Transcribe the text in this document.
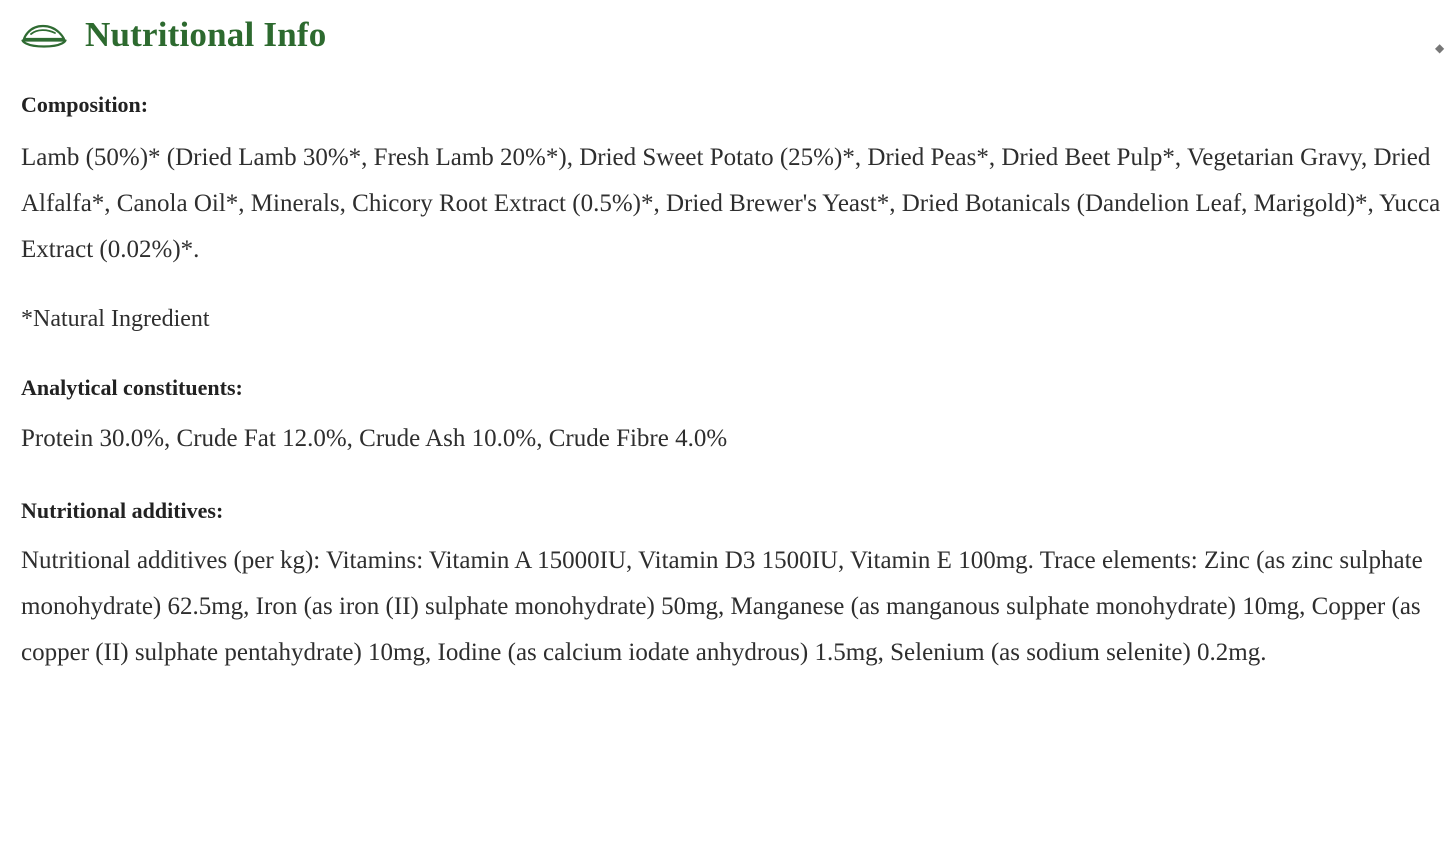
Nutritional Info	◆
Composition:

Lamb (50%)* (Dried Lamb 30%*, Fresh Lamb 20%*), Dried Sweet Potato (25%)*, Dried Peas*, Dried Beet Pulp*, Vegetarian Gravy, Dried Alfalfa*, Canola Oil*, Minerals, Chicory Root Extract (0.5%)*, Dried Brewer's Yeast*, Dried Botanicals (Dandelion Leaf, Marigold)*, Yucca Extract (0.02%)*.

*Natural Ingredient

Analytical constituents:

Protein 30.0%, Crude Fat 12.0%, Crude Ash 10.0%, Crude Fibre 4.0%

Nutritional additives:

Nutritional additives (per kg): Vitamins: Vitamin A 15000IU, Vitamin D3 1500IU, Vitamin E 100mg. Trace elements: Zinc (as zinc sulphate monohydrate) 62.5mg, Iron (as iron (II) sulphate monohydrate) 50mg, Manganese (as manganous sulphate monohydrate) 10mg, Copper (as copper (II) sulphate pentahydrate) 10mg, Iodine (as calcium iodate anhydrous) 1.5mg, Selenium (as sodium selenite) 0.2mg.
